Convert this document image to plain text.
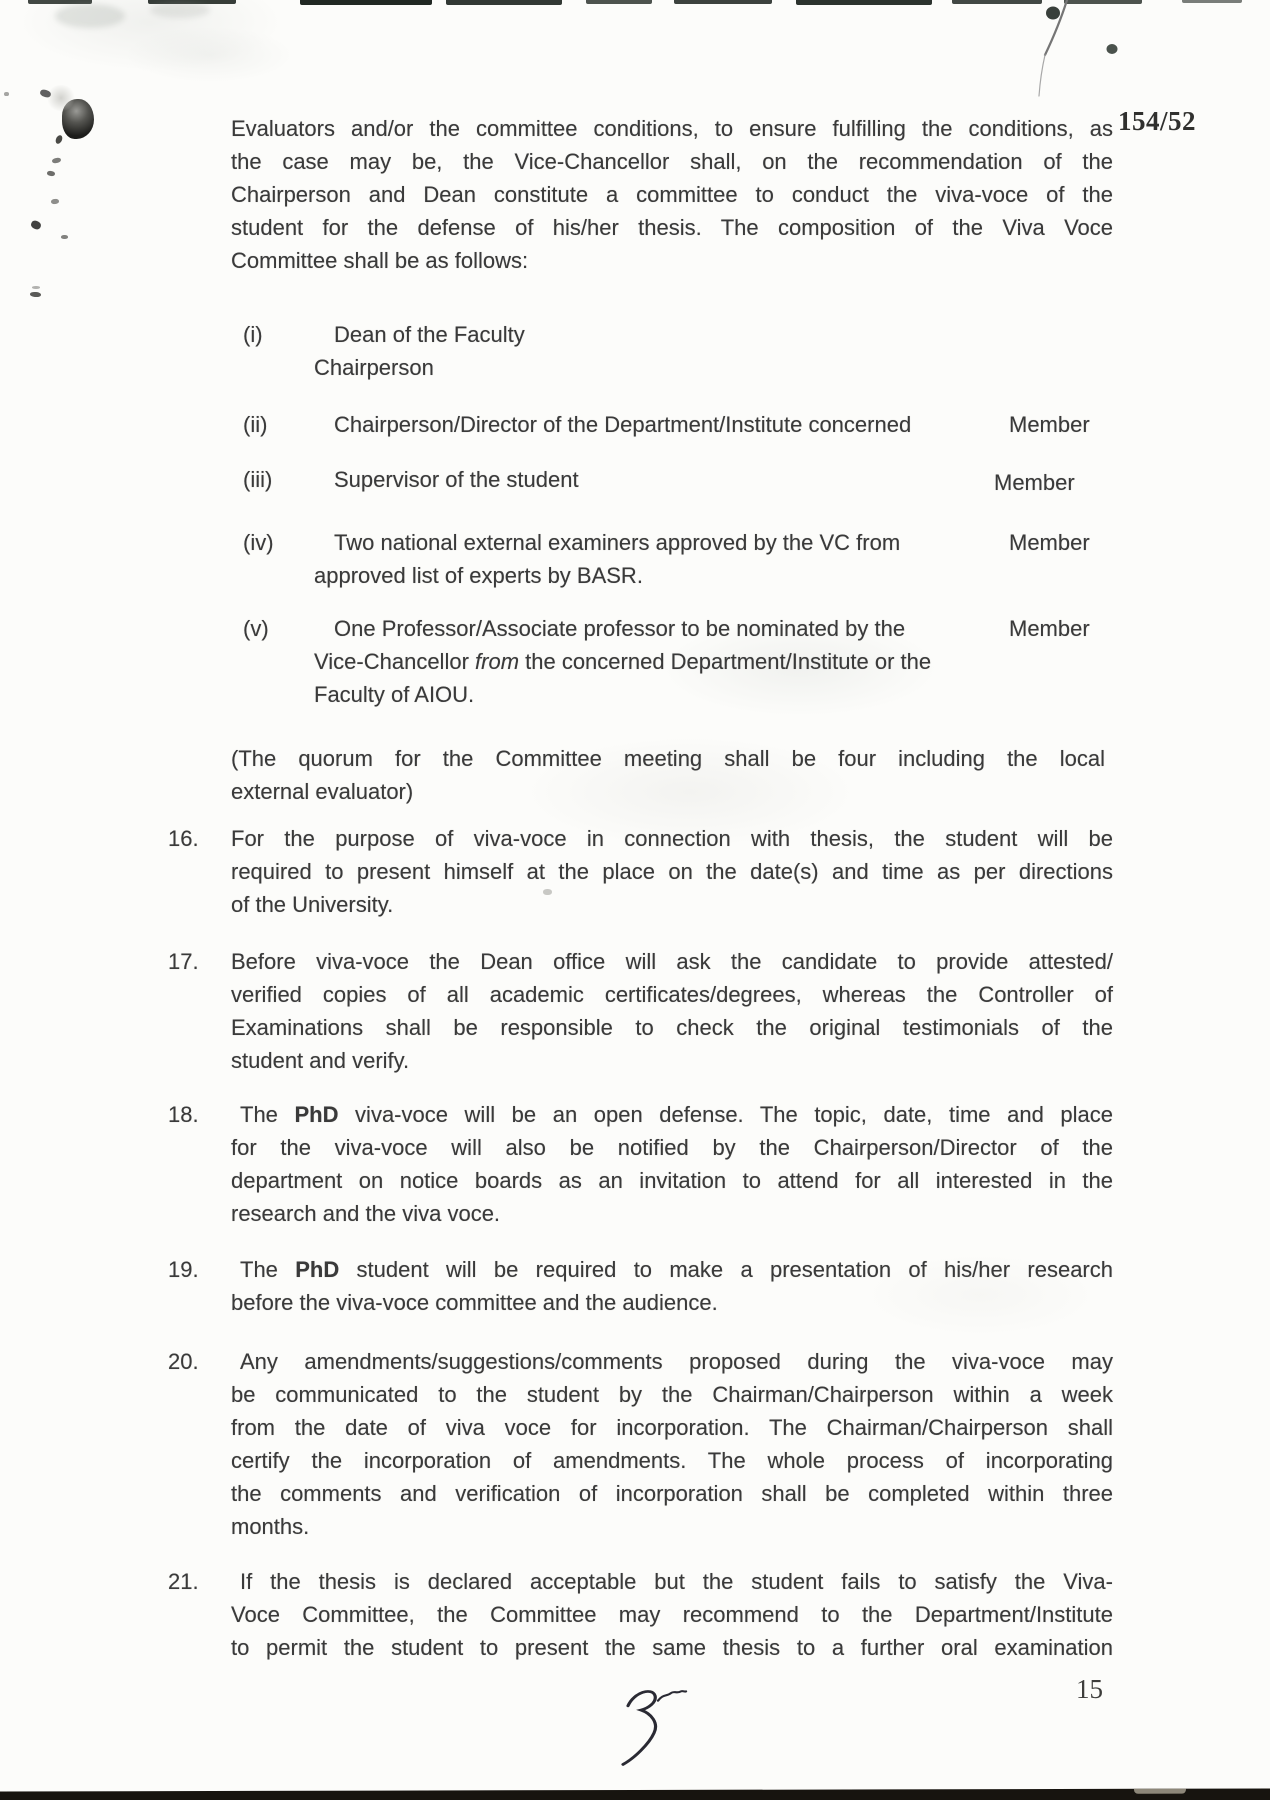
154/52
Evaluators and/or the committee conditions, to ensure fulfilling the conditions, as
the case may be, the Vice-Chancellor shall, on the recommendation of the
Chairperson and Dean constitute a committee to conduct the viva-voce of the
student for the defense of his/her thesis. The composition of the Viva Voce
Committee shall be as follows:
(i)	Dean of the Faculty
Chairperson
(ii)	Chairperson/Director of the Department/Institute concerned	Member
(iii)	Supervisor of the student	Member
(iv)	Two national external examiners approved by the VC from
approved list of experts by BASR.
Member
(v)	One Professor/Associate professor to be nominated by the
Vice-Chancellor from the concerned Department/Institute or the
Faculty of AIOU.
Member
(The quorum for the Committee meeting shall be four including the local
external evaluator)
16. For the purpose of viva-voce in connection with thesis, the student will be
required to present himself at the place on the date(s) and time as per directions
of the University.
17. Before viva-voce the Dean office will ask the candidate to provide attested/
verified copies of all academic certificates/degrees, whereas the Controller of
Examinations shall be responsible to check the original testimonials of the
student and verify.
18.	The PhD viva-voce will be an open defense. The topic, date, time and place
for the viva-voce will also be notified by the Chairperson/Director of the
department on notice boards as an invitation to attend for all interested in the
research and the viva voce.
19.	The PhD student will be required to make a presentation of his/her research
before the viva-voce committee and the audience.
20.	Any amendments/suggestions/comments proposed during the viva-voce may
be communicated to the student by the Chairman/Chairperson within a week
from the date of viva voce for incorporation. The Chairman/Chairperson shall
certify the incorporation of amendments. The whole process of incorporating
the comments and verification of incorporation shall be completed within three
months.
21.	If the thesis is declared acceptable but the student fails to satisfy the Viva-
Voce Committee, the Committee may recommend to the Department/Institute
to permit the student to present the same thesis to a further oral examination
15
